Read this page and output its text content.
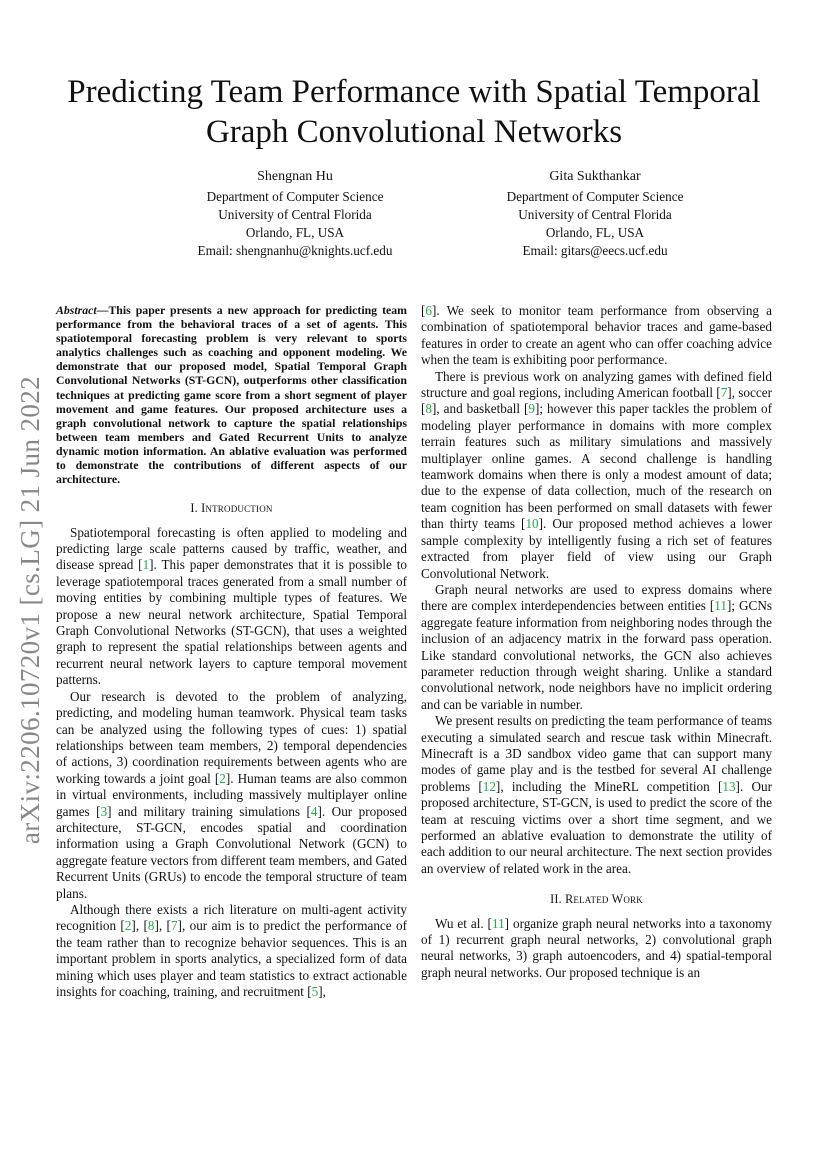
arXiv:2206.10720v1 [cs.LG] 21 Jun 2022
Predicting Team Performance with Spatial Temporal
Graph Convolutional Networks
Shengnan Hu
Department of Computer Science
University of Central Florida
Orlando, FL, USA
Email: shengnanhu@knights.ucf.edu
Gita Sukthankar
Department of Computer Science
University of Central Florida
Orlando, FL, USA
Email: gitars@eecs.ucf.edu

Abstract—This paper presents a new approach for predicting team performance from the behavioral traces of a set of agents. This spatiotemporal forecasting problem is very relevant to sports analytics challenges such as coaching and opponent modeling. We demonstrate that our proposed model, Spatial Temporal Graph Convolutional Networks (ST-GCN), outperforms other classification techniques at predicting game score from a short segment of player movement and game features. Our proposed architecture uses a graph convolutional network to capture the spatial relationships between team members and Gated Recurrent Units to analyze dynamic motion information. An ablative evaluation was performed to demonstrate the contributions of different aspects of our architecture.

I. Introduction

Spatiotemporal forecasting is often applied to modeling and predicting large scale patterns caused by traffic, weather, and disease spread [1]. This paper demonstrates that it is possible to leverage spatiotemporal traces generated from a small number of moving entities by combining multiple types of features. We propose a new neural network architecture, Spatial Temporal Graph Convolutional Networks (ST-GCN), that uses a weighted graph to represent the spatial relationships between agents and recurrent neural network layers to capture temporal movement patterns.

Our research is devoted to the problem of analyzing, predicting, and modeling human teamwork. Physical team tasks can be analyzed using the following types of cues: 1) spatial relationships between team members, 2) temporal dependencies of actions, 3) coordination requirements between agents who are working towards a joint goal [2]. Human teams are also common in virtual environments, including massively multiplayer online games [3] and military training simulations [4]. Our proposed architecture, ST-GCN, encodes spatial and coordination information using a Graph Convolutional Network (GCN) to aggregate feature vectors from different team members, and Gated Recurrent Units (GRUs) to encode the temporal structure of team plans.

Although there exists a rich literature on multi-agent activity recognition [2], [8], [7], our aim is to predict the performance of the team rather than to recognize behavior sequences. This is an important problem in sports analytics, a specialized form of data mining which uses player and team statistics to extract actionable insights for coaching, training, and recruitment [5],

[6]. We seek to monitor team performance from observing a combination of spatiotemporal behavior traces and game-based features in order to create an agent who can offer coaching advice when the team is exhibiting poor performance.

There is previous work on analyzing games with defined field structure and goal regions, including American football [7], soccer [8], and basketball [9]; however this paper tackles the problem of modeling player performance in domains with more complex terrain features such as military simulations and massively multiplayer online games. A second challenge is handling teamwork domains when there is only a modest amount of data; due to the expense of data collection, much of the research on team cognition has been performed on small datasets with fewer than thirty teams [10]. Our proposed method achieves a lower sample complexity by intelligently fusing a rich set of features extracted from player field of view using our Graph Convolutional Network.

Graph neural networks are used to express domains where there are complex interdependencies between entities [11]; GCNs aggregate feature information from neighboring nodes through the inclusion of an adjacency matrix in the forward pass operation. Like standard convolutional networks, the GCN also achieves parameter reduction through weight sharing. Unlike a standard convolutional network, node neighbors have no implicit ordering and can be variable in number.

We present results on predicting the team performance of teams executing a simulated search and rescue task within Minecraft. Minecraft is a 3D sandbox video game that can support many modes of game play and is the testbed for several AI challenge problems [12], including the MineRL competition [13]. Our proposed architecture, ST-GCN, is used to predict the score of the team at rescuing victims over a short time segment, and we performed an ablative evaluation to demonstrate the utility of each addition to our neural architecture. The next section provides an overview of related work in the area.

II. Related Work

Wu et al. [11] organize graph neural networks into a taxonomy of 1) recurrent graph neural networks, 2) convolutional graph neural networks, 3) graph autoencoders, and 4) spatial-temporal graph neural networks. Our proposed technique is an
